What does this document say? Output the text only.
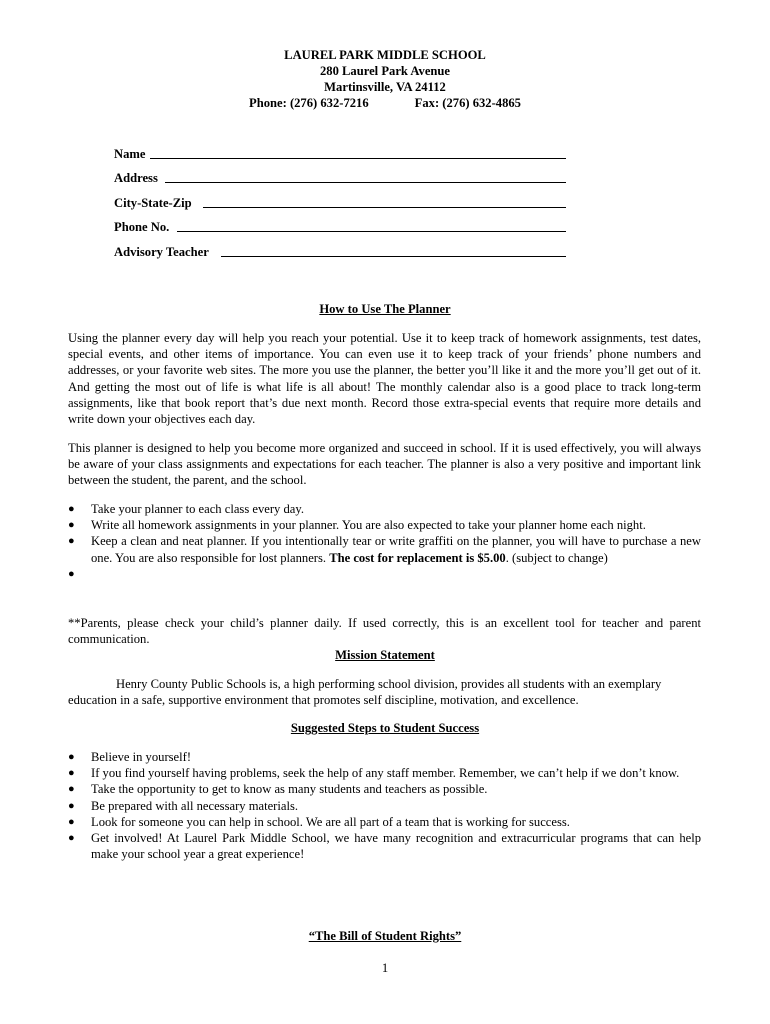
LAUREL PARK MIDDLE SCHOOL
280 Laurel Park Avenue
Martinsville, VA 24112
Phone: (276) 632-7216	Fax: (276) 632-4865
Name
Address
City-State-Zip
Phone No.
Advisory Teacher
How to Use The Planner

Using the planner every day will help you reach your potential. Use it to keep track of homework assignments, test dates, special events, and other items of importance. You can even use it to keep track of your friends’ phone numbers and addresses, or your favorite web sites. The more you use the planner, the better you’ll like it and the more you’ll get out of it. And getting the most out of life is what life is all about! The monthly calendar also is a good place to track long-term assignments, like that book report that’s due next month. Record those extra-special events that require more details and write down your objectives each day.

This planner is designed to help you become more organized and succeed in school. If it is used effectively, you will always be aware of your class assignments and expectations for each teacher. The planner is also a very positive and important link between the student, the parent, and the school.

●	Take your planner to each class every day.
●	Write all homework assignments in your planner. You are also expected to take your planner home each night.
●	Keep a clean and neat planner. If you intentionally tear or write graffiti on the planner, you will have to purchase a new one. You are also responsible for lost planners. The cost for replacement is $5.00. (subject to change)
●

**Parents, please check your child’s planner daily. If used correctly, this is an excellent tool for teacher and parent communication.

Mission Statement

Henry County Public Schools is, a high performing school division, provides all students with an exemplary education in a safe, supportive environment that promotes self discipline, motivation, and excellence.

Suggested Steps to Student Success
●	Believe in yourself!
●	If you find yourself having problems, seek the help of any staff member. Remember, we can’t help if we don’t know.
●	Take the opportunity to get to know as many students and teachers as possible.
●	Be prepared with all necessary materials.
●	Look for someone you can help in school. We are all part of a team that is working for success.
●	Get involved! At Laurel Park Middle School, we have many recognition and extracurricular programs that can help make your school year a great experience!
“The Bill of Student Rights”
1
